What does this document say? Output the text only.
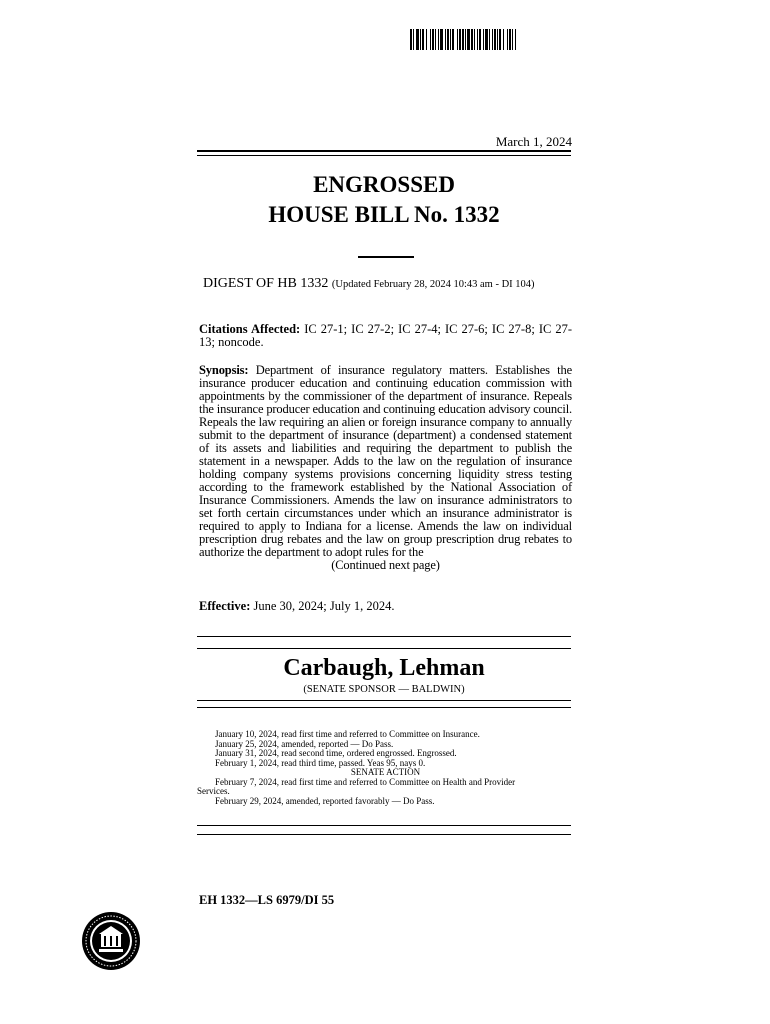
March 1, 2024
ENGROSSED
HOUSE BILL No. 1332
DIGEST OF HB 1332 (Updated February 28, 2024 10:43 am - DI 104)
Citations Affected: IC 27-1; IC 27-2; IC 27-4; IC 27-6; IC 27-8; IC 27-13; noncode.
Synopsis: Department of insurance regulatory matters. Establishes the insurance producer education and continuing education commission with appointments by the commissioner of the department of insurance. Repeals the insurance producer education and continuing education advisory council. Repeals the law requiring an alien or foreign insurance company to annually submit to the department of insurance (department) a condensed statement of its assets and liabilities and requiring the department to publish the statement in a newspaper. Adds to the law on the regulation of insurance holding company systems provisions concerning liquidity stress testing according to the framework established by the National Association of Insurance Commissioners. Amends the law on insurance administrators to set forth certain circumstances under which an insurance administrator is required to apply to Indiana for a license. Amends the law on individual prescription drug rebates and the law on group prescription drug rebates to authorize the department to adopt rules for the
(Continued next page)
Effective: June 30, 2024; July 1, 2024.
Carbaugh, Lehman
(SENATE SPONSOR — BALDWIN)
January 10, 2024, read first time and referred to Committee on Insurance.
January 25, 2024, amended, reported — Do Pass.
January 31, 2024, read second time, ordered engrossed. Engrossed.
February 1, 2024, read third time, passed. Yeas 95, nays 0.
SENATE ACTION
February 7, 2024, read first time and referred to Committee on Health and Provider
Services.
February 29, 2024, amended, reported favorably — Do Pass.
EH 1332—LS 6979/DI 55
